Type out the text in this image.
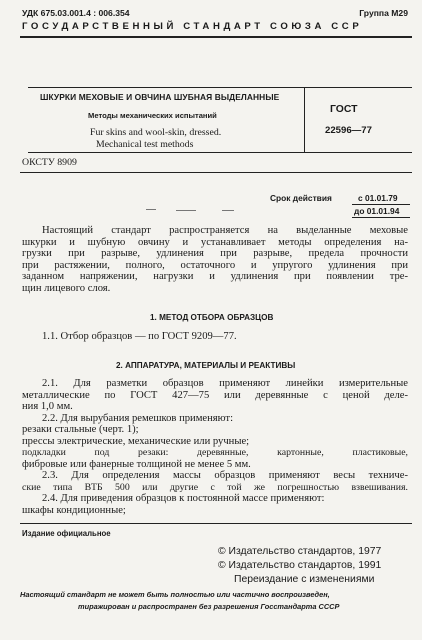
УДК 675.03.001.4 : 006.354	Группа М29
ГОСУДАРСТВЕННЫЙ СТАНДАРТ СОЮЗА ССР
ШКУРКИ МЕХОВЫЕ И ОВЧИНА ШУБНАЯ ВЫДЕЛАННЫЕ
Методы механических испытаний
Fur skins and wool-skin, dressed.
Mechanical test methods
ГОСТ
22596—77
ОКСТУ 8909
Срок действия	с 01.01.79
до 01.01.94
Настоящий стандарт распространяется на выделанные меховые
шкурки и шубную овчину и устанавливает методы определения на-
грузки при разрыве, удлинения при разрыве, предела прочности
при растяжении, полного, остаточного и упругого удлинения при
заданном напряжении, нагрузки и удлинения при появлении тре-
щин лицевого слоя.
1. МЕТОД ОТБОРА ОБРАЗЦОВ
1.1. Отбор образцов — по ГОСТ 9209—77.
2. АППАРАТУРА, МАТЕРИАЛЫ И РЕАКТИВЫ
2.1. Для разметки образцов применяют линейки измерительные
металлические по ГОСТ 427—75 или деревянные с ценой деле-
ния 1,0 мм.
2.2. Для вырубания ремешков применяют:
резаки стальные (черт. 1);
прессы электрические, механические или ручные;
подкладки под резаки: деревянные, картонные, пластиковые,
фибровые или фанерные толщиной не менее 5 мм.
2.3. Для определения массы образцов применяют весы техниче-
ские типа ВТБ 500 или другие с той же погрешностью взвешивания.
2.4. Для приведения образцов к постоянной массе применяют:
шкафы кондиционные;
Издание официальное
© Издательство стандартов, 1977
© Издательство стандартов, 1991
Переиздание с изменениями
Настоящий стандарт не может быть полностью или частично воспроизведен,
тиражирован и распространен без разрешения Госстандарта СССР
